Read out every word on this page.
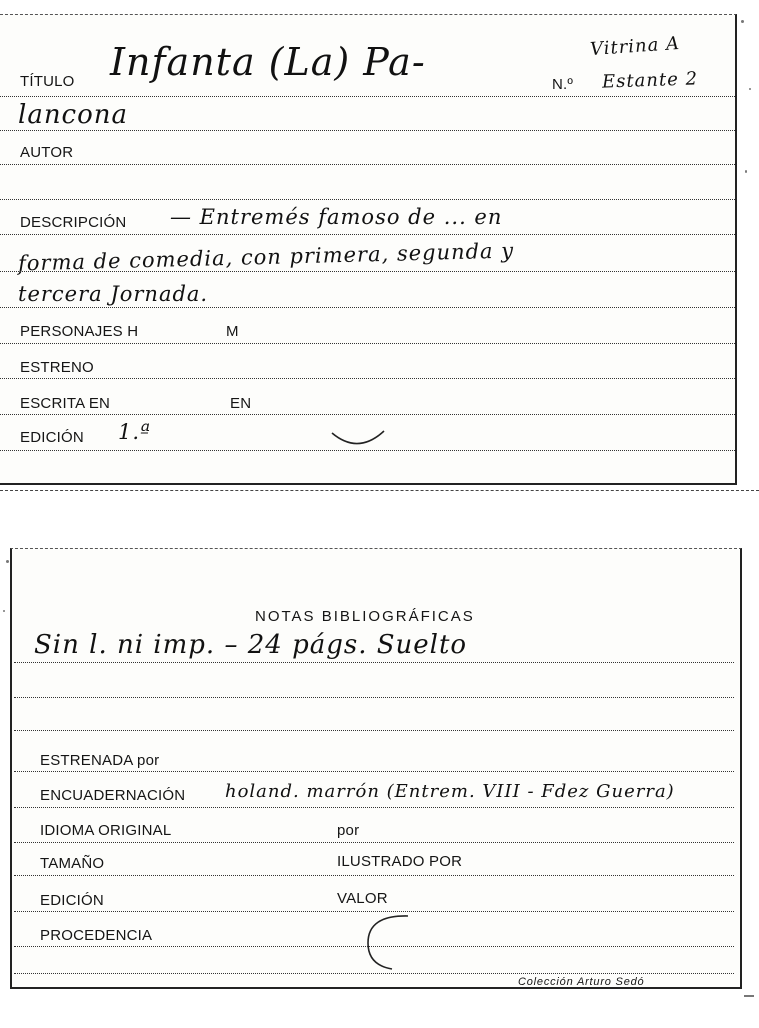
TÍTULO Infanta (La) Pa-
N.º
Vitrina A
Estante 2
lancona
AUTOR
DESCRIPCIÓN — Entremés famoso de ... en
forma de comedia, con primera, segunda y
tercera Jornada.
PERSONAJES H	M
ESTRENO
ESCRITA EN	EN
EDICIÓN 1.ª
NOTAS BIBLIOGRÁFICAS
Sin l. ni imp. – 24 págs. Suelto
ESTRENADA por
ENCUADERNACIÓN holand. marrón (Entrem. VIII - Fdez Guerra)
IDIOMA ORIGINAL	por
TAMAÑO	ILUSTRADO POR
EDICIÓN	VALOR
PROCEDENCIA
Colección Arturo Sedó
